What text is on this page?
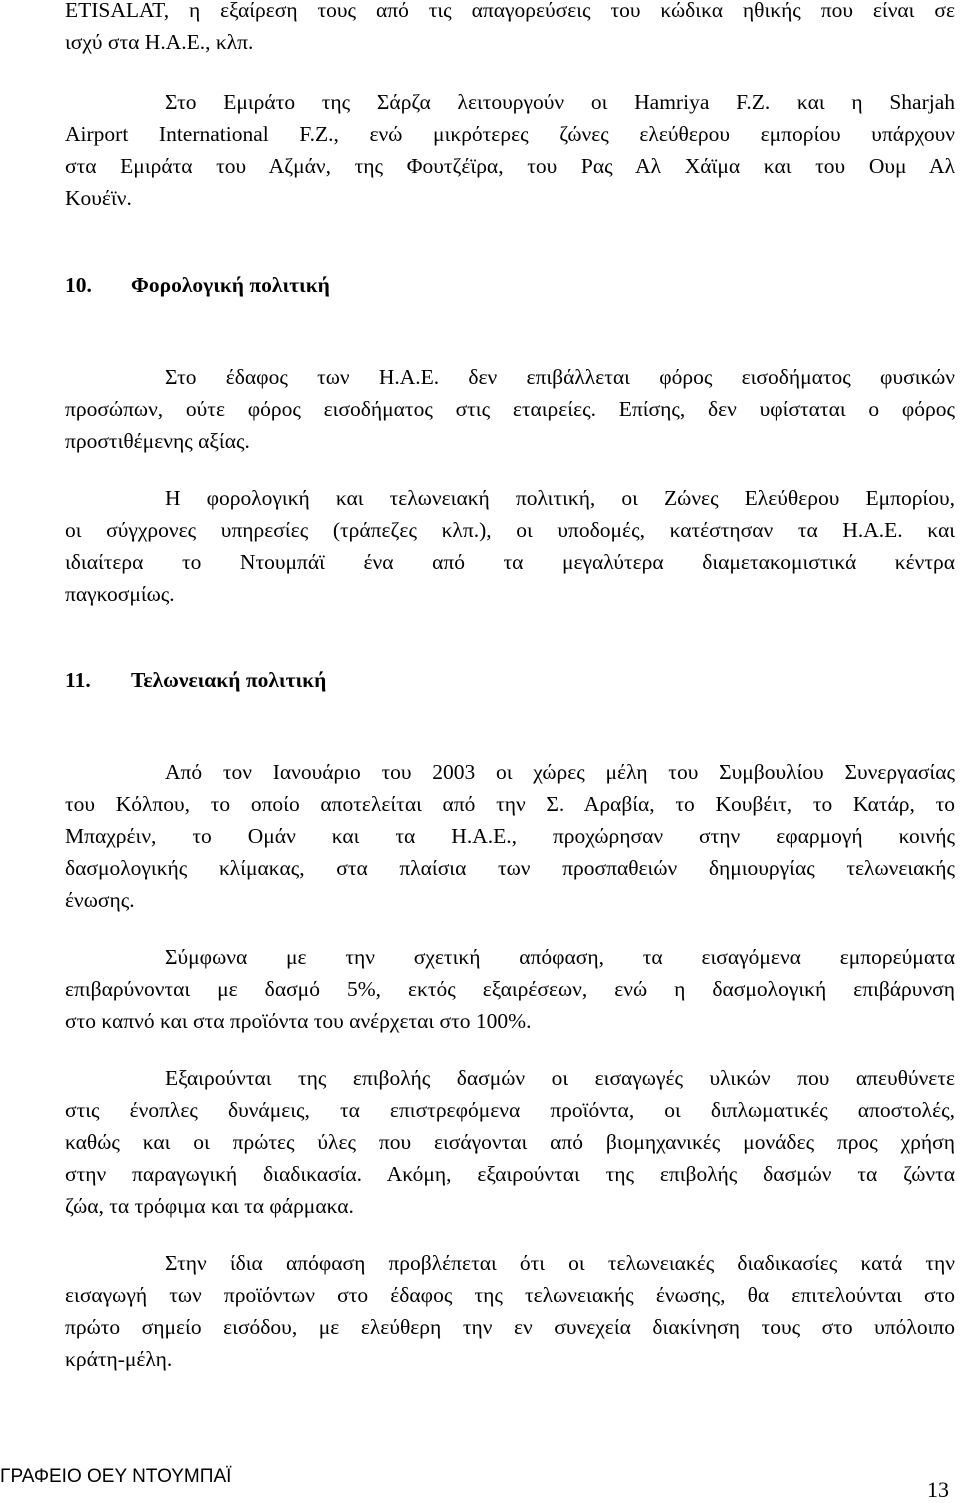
ETISALAT, η εξαίρεση τους από τις απαγορεύσεις του κώδικα ηθικής που είναι σε
ισχύ στα Η.Α.Ε., κλπ.
Στο Εμιράτο της Σάρζα λειτουργούν οι Hamriya F.Z. και η Sharjah
Airport International F.Z., ενώ μικρότερες ζώνες ελεύθερου εμπορίου υπάρχουν
στα Εμιράτα του Αζμάν, της Φουτζέϊρα, του Ρας Αλ Χάϊμα και του Ουμ Αλ
Κουέϊν.
10. Φορολογική πολιτική
Στο έδαφος των Η.Α.Ε. δεν επιβάλλεται φόρος εισοδήματος φυσικών
προσώπων, ούτε φόρος εισοδήματος στις εταιρείες. Επίσης, δεν υφίσταται ο φόρος
προστιθέμενης αξίας.
Η φορολογική και τελωνειακή πολιτική, οι Ζώνες Ελεύθερου Εμπορίου,
οι σύγχρονες υπηρεσίες (τράπεζες κλπ.), οι υποδομές, κατέστησαν τα Η.Α.Ε. και
ιδιαίτερα το Ντουμπάϊ ένα από τα μεγαλύτερα διαμετακομιστικά κέντρα
παγκοσμίως.
11. Τελωνειακή πολιτική
Από τον Ιανουάριο του 2003 οι χώρες μέλη του Συμβουλίου Συνεργασίας
του Κόλπου, το οποίο αποτελείται από την Σ. Αραβία, το Κουβέιτ, το Κατάρ, το
Μπαχρέιν, το Ομάν και τα Η.Α.Ε., προχώρησαν στην εφαρμογή κοινής
δασμολογικής κλίμακας, στα πλαίσια των προσπαθειών δημιουργίας τελωνειακής
ένωσης.
Σύμφωνα με την σχετική απόφαση, τα εισαγόμενα εμπορεύματα
επιβαρύνονται με δασμό 5%, εκτός εξαιρέσεων, ενώ η δασμολογική επιβάρυνση
στο καπνό και στα προϊόντα του ανέρχεται στο 100%.
Εξαιρούνται της επιβολής δασμών οι εισαγωγές υλικών που απευθύνετε
στις ένοπλες δυνάμεις, τα επιστρεφόμενα προϊόντα, οι διπλωματικές αποστολές,
καθώς και οι πρώτες ύλες που εισάγονται από βιομηχανικές μονάδες προς χρήση
στην παραγωγική διαδικασία. Ακόμη, εξαιρούνται της επιβολής δασμών τα ζώντα
ζώα, τα τρόφιμα και τα φάρμακα.
Στην ίδια απόφαση προβλέπεται ότι οι τελωνειακές διαδικασίες κατά την
εισαγωγή των προϊόντων στο έδαφος της τελωνειακής ένωσης, θα επιτελούνται στο
πρώτο σημείο εισόδου, με ελεύθερη την εν συνεχεία διακίνηση τους στο υπόλοιπο
κράτη-μέλη.
ΓΡΑΦΕΙΟ ΟΕΥ ΝΤΟΥΜΠΑΪ
13
